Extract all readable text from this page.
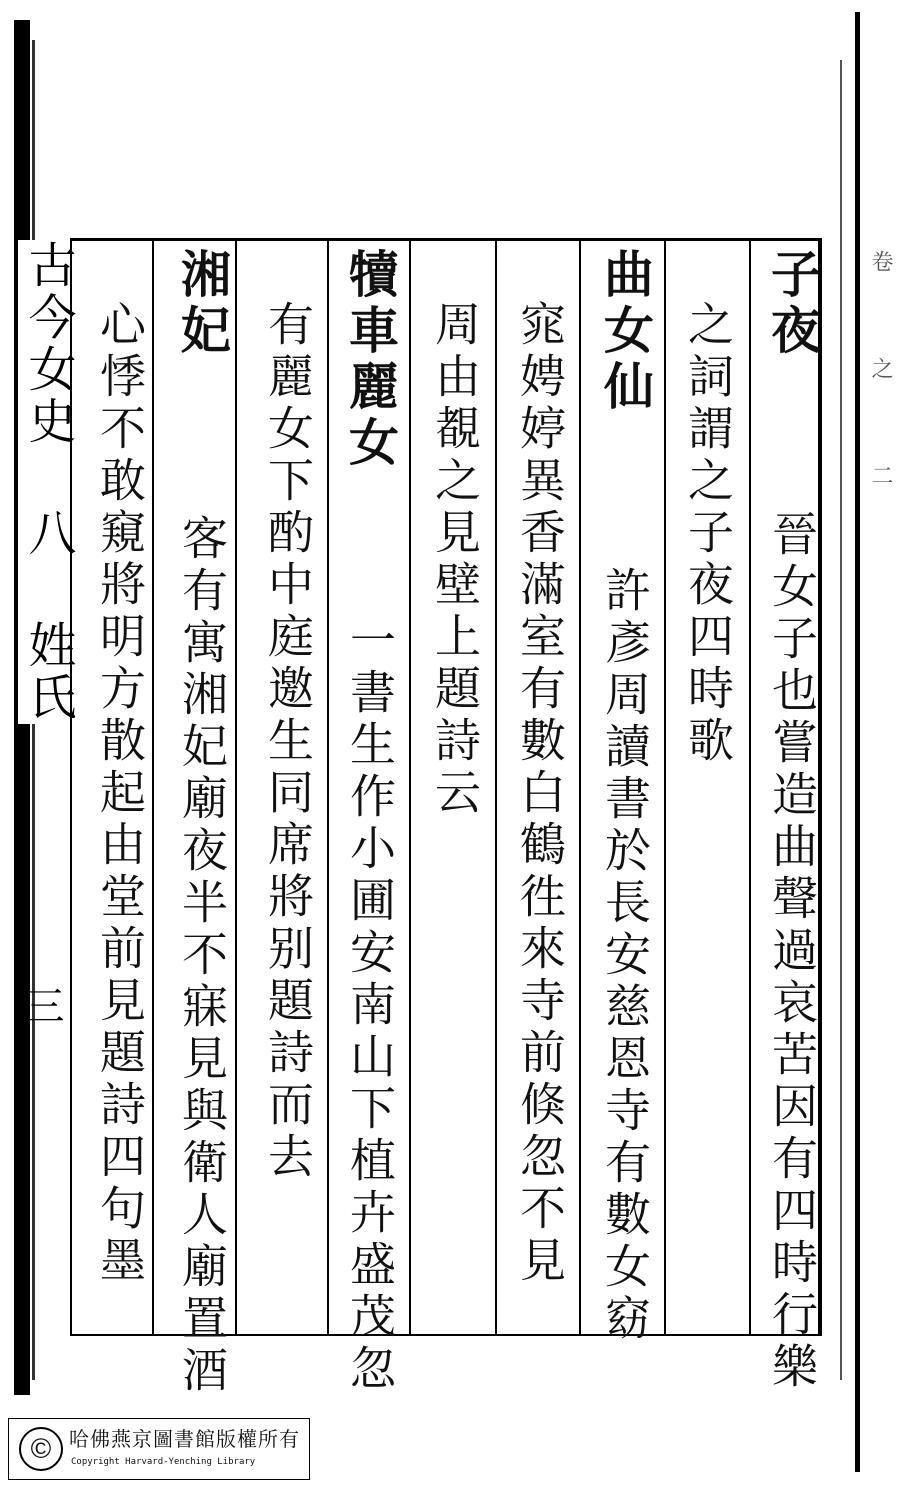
古今女史 八 姓氏
三
卷 之 二
子夜  晉女子也嘗造曲聲過哀苦因有四時行樂
之詞謂之子夜四時歌
曲女仙  許彥周讀書於長安慈恩寺有數女窈
窕娉婷異香滿室有數白鶴徃來寺前倏忽不見
周由覩之見壁上題詩云
犢車麗女  一書生作小圃安南山下植卉盛茂忽
有麗女下酌中庭邀生同席將别題詩而去
湘妃  客有寓湘妃廟夜半不寐見與衛人廟置酒
心悸不敢窺將明方散起由堂前見題詩四句墨
© 哈佛燕京圖書館版權所有
Copyright Harvard-Yenching Library
